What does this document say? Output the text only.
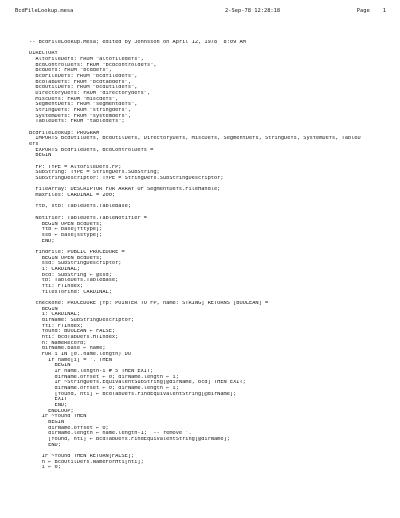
BcdFileLookup.mesa	2-Sep-78 12:28:18	Page 1
-- BcdFileLookup.Mesa; edited by Johnsson on April 12, 1978  8:09 AM
DIRECTORY
AltoFileDefs: FROM "altofiledefs",
BcdControlDefs: FROM "bcdcontroldefs",
BcdDefs: FROM "bcddefs",
BcdFileDefs: FROM "bcdfiledefs",
BcdTabDefs: FROM "bcdtabdefs",
BcdUtilDefs: FROM "bcdutildefs",
DirectoryDefs: FROM "directorydefs",
MiscDefs: FROM "miscdefs",
SegmentDefs: FROM "segmentdefs",
StringDefs: FROM "stringdefs",
SystemDefs: FROM "systemdefs",
TableDefs: FROM "tabledefs";
BcdFileLookup: PROGRAM
IMPORTS BcdUtilDefs, BcdUtilDefs, DirectoryDefs, MiscDefs, SegmentDefs, StringDefs, SystemDefs, TableD
efs
EXPORTS BcdFileDefs, BcdControlDefs =
BEGIN
FP: TYPE = AltoFileDefs.FP;
SubString: TYPE = StringDefs.SubString;
SubStringDescriptor: TYPE = StringDefs.SubStringDescriptor;
FileArray: DESCRIPTOR FOR ARRAY OF SegmentDefs.FileHandle;
maxFiles: CARDINAL = 200;
ftb, stb: TableDefs.TableBase;
Notifier: TableDefs.TableNotifier =
BEGIN OPEN BcdDefs;
ftb ← base[fttype];
ssb ← base[sstype];
END;
FindFile: PUBLIC PROCEDURE =
BEGIN OPEN BcdDefs;
ssd: SubStringDescriptor;
i: CARDINAL;
bcd: SubString ← @ssd;
tb: TableDefs.TableBase;
fti: FTIndex;
filesToFind: CARDINAL;
checkone: PROCEDURE [fp: POINTER TO FP, name: STRING] RETURNS [BOOLEAN] =
BEGIN
i: CARDINAL;
dirName: SubStringDescriptor;
fti: FTIndex;
found: BOOLEAN ← FALSE;
hti: BcdTabDefs.HTIndex;
n: NameRecord;
dirName.base ← name;
FOR i IN [0..name.length) DO
IF name[i] = '. THEN
BEGIN
IF name.length-i # 5 THEN EXIT;
dirName.offset ← 0; dirName.length ← i;
IF ~StringDefs.EquivalentSubString[@dirName, bcd] THEN EXIT;
dirName.offset ← 0; dirName.length ← i;
[found, hti] ← BcdTabDefs.FindEquivalentString[@dirName];
EXIT
END;
ENDLOOP;
IF ~found THEN
BEGIN
dirName.offset ← 0;
dirName.length ← name.length-1;  -- remove '.
[found, hti] ← BcdTabDefs.FindEquivalentString[@dirName];
END;
IF ~found THEN RETURN[FALSE];
n ← BcdUtilDefs.NameForHti[hti];
i ← 0;
